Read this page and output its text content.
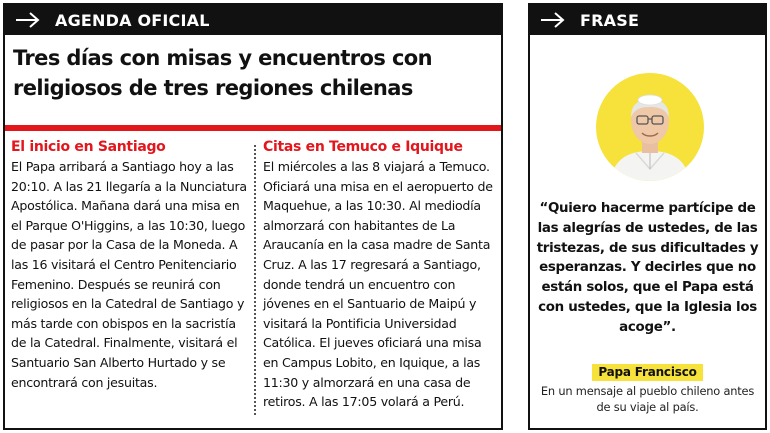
AGENDA OFICIAL
Tres días con misas y encuentros con religiosos de tres regiones chilenas
El inicio en Santiago

El Papa arribará a Santiago hoy a las 20:10. A las 21 llegaría a la Nunciatura Apostólica. Mañana dará una misa en el Parque O'Higgins, a las 10:30, luego de pasar por la Casa de la Moneda. A las 16 visitará el Centro Penitenciario Femenino. Después se reunirá con religiosos en la Catedral de Santiago y más tarde con obispos en la sacristía de la Catedral. Finalmente, visitará el Santuario San Alberto Hurtado y se encontrará con jesuitas.

Citas en Temuco e Iquique

El miércoles a las 8 viajará a Temuco. Oficiará una misa en el aeropuerto de Maquehue, a las 10:30. Al mediodía almorzará con habitantes de La Araucanía en la casa madre de Santa Cruz. A las 17 regresará a Santiago, donde tendrá un encuentro con jóvenes en el Santuario de Maipú y visitará la Pontificia Universidad Católica. El jueves oficiará una misa en Campus Lobito, en Iquique, a las 11:30 y almorzará en una casa de retiros. A las 17:05 volará a Perú.

FRASE

“Quiero hacerme partícipe de las alegrías de ustedes, de las tristezas, de sus dificultades y esperanzas. Y decirles que no están solos, que el Papa está con ustedes, que la Iglesia los acoge”.

Papa Francisco

En un mensaje al pueblo chileno antes de su viaje al país.
